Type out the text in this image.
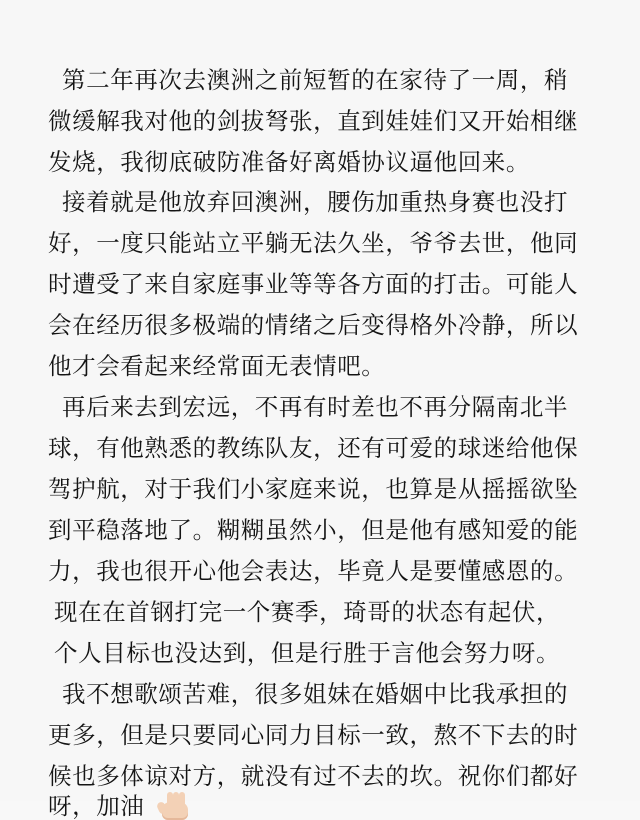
第二年再次去澳洲之前短暂的在家待了一周，稍
微缓解我对他的剑拔弩张，直到娃娃们又开始相继
发烧，我彻底破防准备好离婚协议逼他回来。
接着就是他放弃回澳洲，腰伤加重热身赛也没打
好，一度只能站立平躺无法久坐，爷爷去世，他同
时遭受了来自家庭事业等等各方面的打击。可能人
会在经历很多极端的情绪之后变得格外冷静，所以
他才会看起来经常面无表情吧。
再后来去到宏远，不再有时差也不再分隔南北半
球，有他熟悉的教练队友，还有可爱的球迷给他保
驾护航，对于我们小家庭来说，也算是从摇摇欲坠
到平稳落地了。糊糊虽然小，但是他有感知爱的能
力，我也很开心他会表达，毕竟人是要懂感恩的。
现在在首钢打完一个赛季，琦哥的状态有起伏，
个人目标也没达到，但是行胜于言他会努力呀。
我不想歌颂苦难，很多姐妹在婚姻中比我承担的
更多，但是只要同心同力目标一致，熬不下去的时
候也多体谅对方，就没有过不去的坎。祝你们都好
呀，加油
